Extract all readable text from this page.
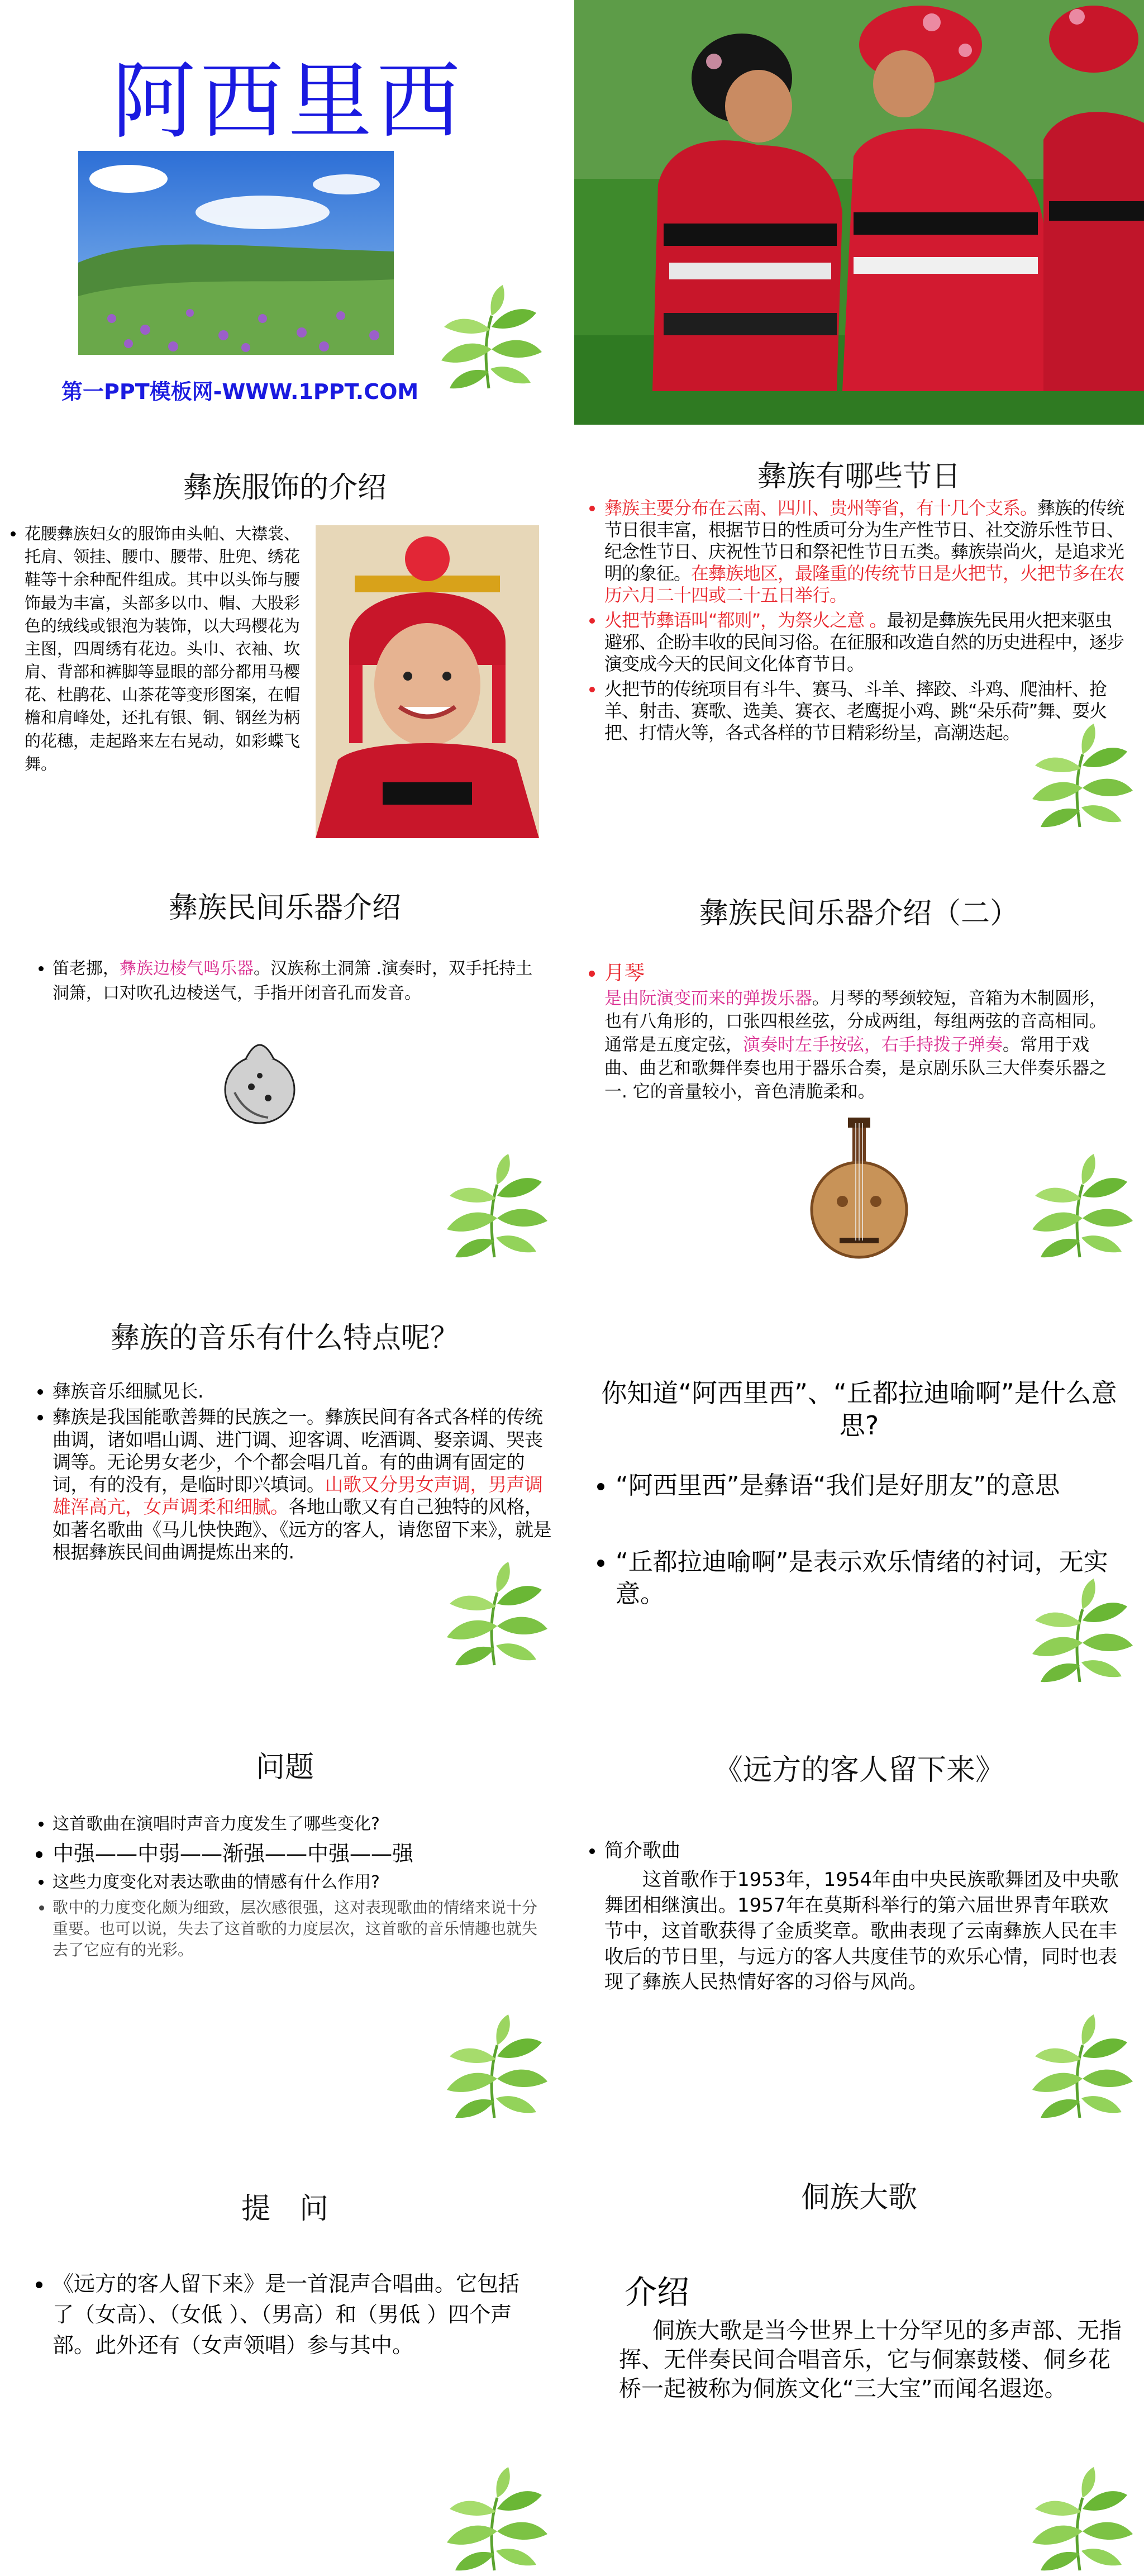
阿西里西
第一PPT模板网-WWW.1PPT.COM
彝族服饰的介绍
• 花腰彝族妇女的服饰由头帕、大襟裳、托肩、领挂、腰巾、腰带、肚兜、绣花鞋等十余种配件组成。其中以头饰与腰饰最为丰富，头部多以巾、帽、大股彩色的绒线或银泡为装饰，以大玛樱花为主图，四周绣有花边。头巾、衣袖、坎肩、背部和裤脚等显眼的部分都用马樱花、杜鹃花、山茶花等变形图案，在帽檐和肩峰处，还扎有银、铜、钢丝为柄的花穗，走起路来左右晃动，如彩蝶飞舞。
彝族有哪些节日
• 彝族主要分布在云南、四川、贵州等省，有十几个支系。彝族的传统节日很丰富，根据节日的性质可分为生产性节日、社交游乐性节日、纪念性节日、庆祝性节日和祭祀性节日五类。彝族崇尚火，是追求光明的象征。在彝族地区，最隆重的传统节日是火把节，火把节多在农历六月二十四或二十五日举行。
• 火把节彝语叫“都则”，为祭火之意 。最初是彝族先民用火把来驱虫避邪、企盼丰收的民间习俗。在征服和改造自然的历史进程中，逐步演变成今天的民间文化体育节日。
• 火把节的传统项目有斗牛、赛马、斗羊、摔跤、斗鸡、爬油杆、抢羊、射击、赛歌、选美、赛衣、老鹰捉小鸡、跳“朵乐荷”舞、耍火把、打情火等，各式各样的节目精彩纷呈，高潮迭起。
彝族民间乐器介绍
• 笛老挪，彝族边棱气鸣乐器。汉族称土洞箫 .演奏时，双手托持土洞箫，口对吹孔边棱送气，手指开闭音孔而发音。
彝族民间乐器介绍（二）
• 月琴
是由阮演变而来的弹拨乐器。月琴的琴颈较短，音箱为木制圆形，也有八角形的，口张四根丝弦，分成两组，每组两弦的音高相同。通常是五度定弦，演奏时左手按弦，右手持拨子弹奏。常用于戏曲、曲艺和歌舞伴奏也用于器乐合奏，是京剧乐队三大伴奏乐器之一. 它的音量较小，音色清脆柔和。
彝族的音乐有什么特点呢？
• 彝族音乐细腻见长.
• 彝族是我国能歌善舞的民族之一。彝族民间有各式各样的传统曲调，诸如唱山调、进门调、迎客调、吃酒调、娶亲调、哭丧调等。无论男女老少，个个都会唱几首。有的曲调有固定的词，有的没有，是临时即兴填词。山歌又分男女声调，男声调雄浑高亢，女声调柔和细腻。各地山歌又有自己独特的风格，如著名歌曲《马儿快快跑》、《远方的客人，请您留下来》，就是根据彝族民间曲调提炼出来的.
你知道“阿西里西”、“丘都拉迪喻啊”是什么意思?
• “阿西里西”是彝语“我们是好朋友”的意思
• “丘都拉迪喻啊”是表示欢乐情绪的衬词，无实意。
问题
• 这首歌曲在演唱时声音力度发生了哪些变化?
• 中强——中弱——渐强——中强——强
• 这些力度变化对表达歌曲的情感有什么作用?
• 歌中的力度变化颇为细致，层次感很强，这对表现歌曲的情绪来说十分重要。也可以说，失去了这首歌的力度层次，这首歌的音乐情趣也就失去了它应有的光彩。
《远方的客人留下来》
• 简介歌曲
这首歌作于1953年，1954年由中央民族歌舞团及中央歌舞团相继演出。1957年在莫斯科举行的第六届世界青年联欢节中，这首歌获得了金质奖章。歌曲表现了云南彝族人民在丰收后的节日里，与远方的客人共度佳节的欢乐心情，同时也表现了彝族人民热情好客的习俗与风尚。
提　问
• 《远方的客人留下来》是一首混声合唱曲。它包括了（女高）、（女低 ）、（男高）和（男低 ）四个声部。此外还有（女声领唱）参与其中。
侗族大歌
介绍
侗族大歌是当今世界上十分罕见的多声部、无指挥、无伴奏民间合唱音乐，它与侗寨鼓楼、侗乡花桥一起被称为侗族文化“三大宝”而闻名遐迩。
